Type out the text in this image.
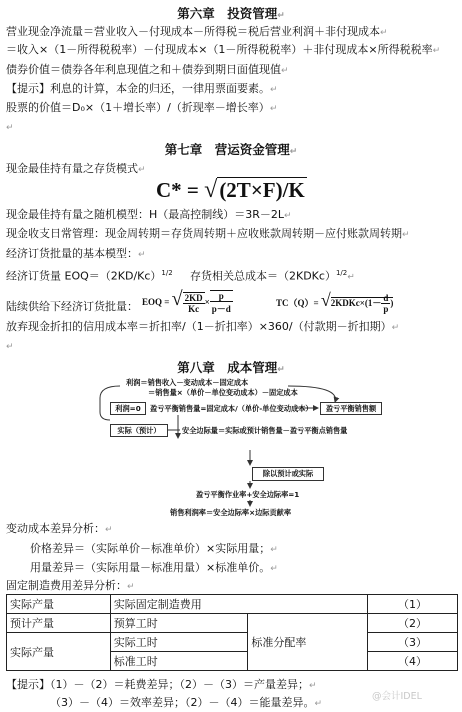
第六章　投资管理↵
营业现金净流量＝营业收入－付现成本－所得税＝税后营业利润＋非付现成本↵
＝收入×（1－所得税税率）－付现成本×（1－所得税税率）＋非付现成本×所得税税率↵
债券价值＝债券各年利息现值之和＋债券到期日面值现值↵
【提示】利息的计算，本金的归还，一律用票面要素。↵
股票的价值＝D₀×（1＋增长率）/（折现率－增长率）↵
↵
第七章　营运资金管理↵
现金最佳持有量之存货模式↵
C* = √(2T×F)/K
现金最佳持有量之随机模型：H（最高控制线）＝3R－2L↵
现金收支日常管理：现金周转期＝存货周转期＋应收账款周转期－应付账款周转期↵
经济订货批量的基本模型：↵
经济订货量 $EOQ=(2KD/Kc)^{1/2}$ 存货相关总成本＝（2KDKc）$^{1/2}$↵
陆续供给下经济订货批量： EOQ = √ $\frac{2KD}{Kc} \times \frac{p}{p-d}$	TC（Q）= √2KDKc×(1－ $\frac{d}{p}$ )
放弃现金折扣的信用成本率＝折扣率/（1－折扣率）×360/（付款期－折扣期）↵
↵
第八章　成本管理↵
利润＝销售收入－变动成本－固定成本
＝销售量×（单价－单位变动成本）－固定成本
利润=0	盈亏平衡销售量=固定成本/（单价-单位变动成本）	盈亏平衡销售额
实际（预计）	安全边际量＝实际或预计销售量－盈亏平衡点销售量
除以预计或实际
盈亏平衡作业率+安全边际率=1
销售利润率＝安全边际率×边际贡献率
变动成本差异分析：↵
价格差异＝（实际单价－标准单价）×实际用量；↵
用量差异＝（实际用量－标准用量）×标准单价。↵
固定制造费用差异分析：↵
实际产量	实际固定制造费用		（1）
预计产量	预算工时	标准分配率	（2）
实际产量	实际工时		（3）
	标准工时		（4）
【提示】（1）－（2）＝耗费差异；（2）－（3）＝产量差异；↵
（3）－（4）＝效率差异；（2）－（4）＝能量差异。↵
@会计IDEL
